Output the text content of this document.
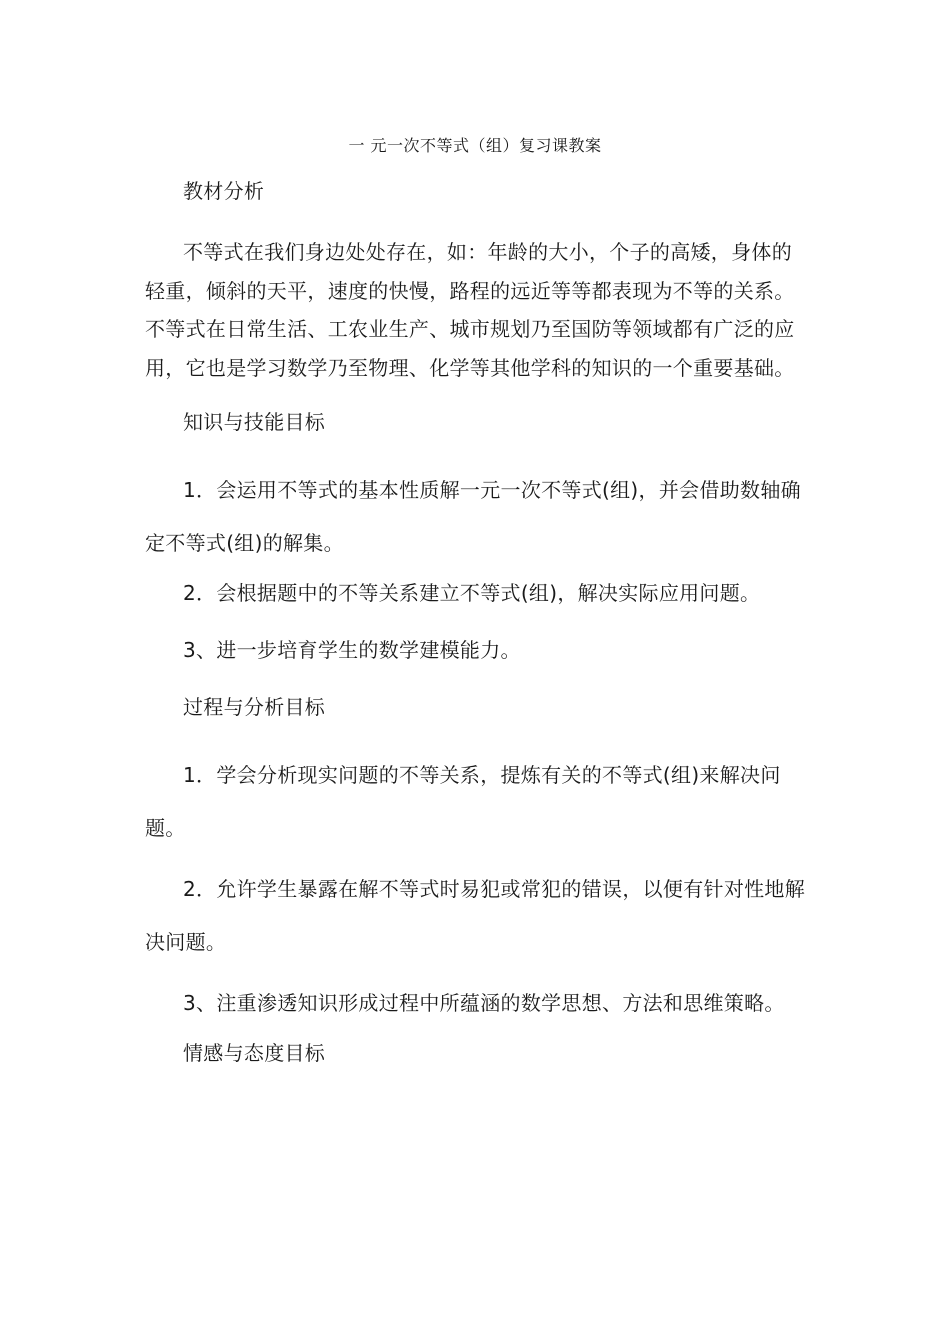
一 元一次不等式（组）复习课教案

教材分析

不等式在我们身边处处存在，如：年龄的大小，个子的高矮，身体的轻重，倾斜的天平，速度的快慢，路程的远近等等都表现为不等的关系。不等式在日常生活、工农业生产、城市规划乃至国防等领域都有广泛的应用，它也是学习数学乃至物理、化学等其他学科的知识的一个重要基础。

知识与技能目标

1．会运用不等式的基本性质解一元一次不等式(组)，并会借助数轴确定不等式(组)的解集。

2．会根据题中的不等关系建立不等式(组)，解决实际应用问题。

3、进一步培育学生的数学建模能力。

过程与分析目标

1．学会分析现实问题的不等关系，提炼有关的不等式(组)来解决问题。

2．允许学生暴露在解不等式时易犯或常犯的错误，以便有针对性地解决问题。

3、注重渗透知识形成过程中所蕴涵的数学思想、方法和思维策略。

情感与态度目标
